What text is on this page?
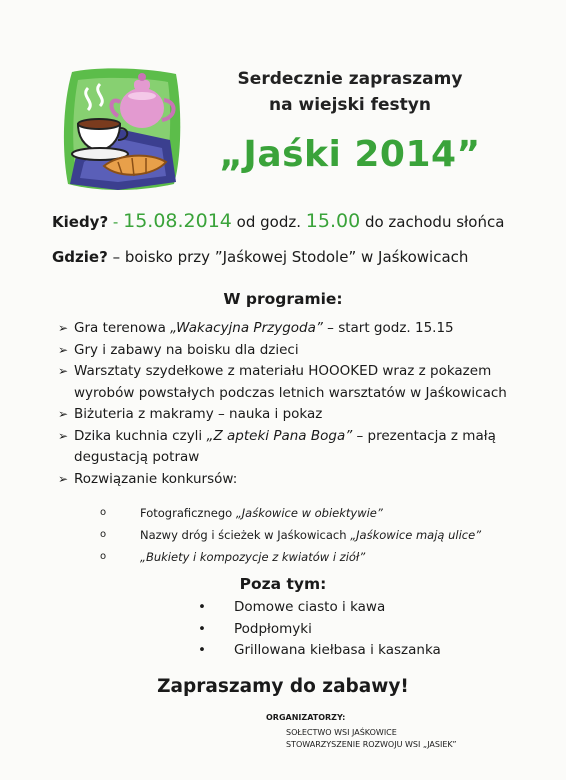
Serdecznie zapraszamy
na wiejski festyn
„Jaśki 2014”
Kiedy? - 15.08.2014 od godz. 15.00 do zachodu słońca
Gdzie? – boisko przy ”Jaśkowej Stodole” w Jaśkowicach
W programie:
➢ Gra terenowa „Wakacyjna Przygoda” – start godz. 15.15
➢ Gry i zabawy na boisku dla dzieci
➢ Warsztaty szydełkowe z materiału HOOOKED wraz z pokazem
wyrobów powstałych podczas letnich warsztatów w Jaśkowicach
➢ Biżuteria z makramy – nauka i pokaz
➢ Dzika kuchnia czyli „Z apteki Pana Boga” – prezentacja z małą
degustacją potraw
➢ Rozwiązanie konkursów:
o	Fotograficznego „Jaśkowice w obiektywie”
o	Nazwy dróg i ścieżek w Jaśkowicach „Jaśkowice mają ulice”
o	„Bukiety i kompozycje z kwiatów i ziół”
Poza tym:
•	Domowe ciasto i kawa
•	Podpłomyki
•	Grillowana kiełbasa i kaszanka
Zapraszamy do zabawy!
ORGANIZATORZY:
SOŁECTWO WSI JAŚKOWICE
STOWARZYSZENIE ROZWOJU WSI „JASIEK”
